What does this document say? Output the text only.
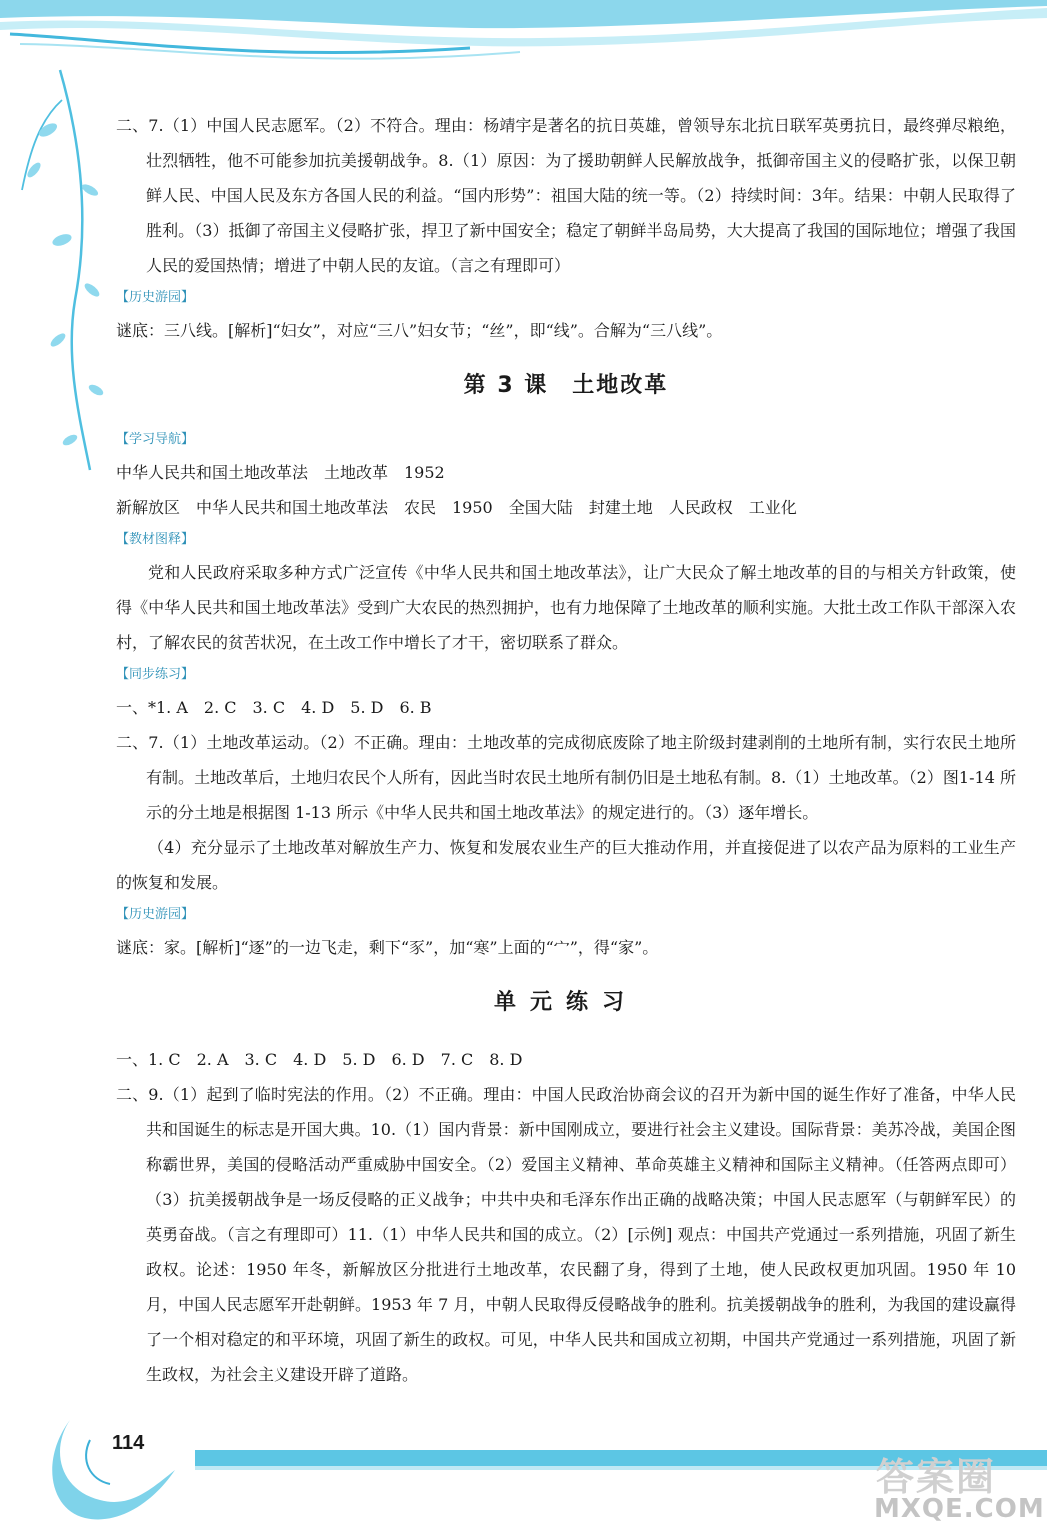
114
答案圈
MXQE.COM

二、7.（1）中国人民志愿军。（2）不符合。理由：杨靖宇是著名的抗日英雄，曾领导东北抗日联军英勇抗日，最终弹尽粮绝，壮烈牺牲，他不可能参加抗美援朝战争。8.（1）原因：为了援助朝鲜人民解放战争，抵御帝国主义的侵略扩张，以保卫朝鲜人民、中国人民及东方各国人民的利益。“国内形势”：祖国大陆的统一等。（2）持续时间：3年。结果：中朝人民取得了胜利。（3）抵御了帝国主义侵略扩张，捍卫了新中国安全；稳定了朝鲜半岛局势，大大提高了我国的国际地位；增强了我国人民的爱国热情；增进了中朝人民的友谊。（言之有理即可）

【历史游园】

谜底：三八线。[解析]“妇女”，对应“三八”妇女节；“丝”，即“线”。合解为“三八线”。

第 3 课　土地改革

【学习导航】

中华人民共和国土地改革法　土地改革　1952

新解放区　中华人民共和国土地改革法　农民　1950　全国大陆　封建土地　人民政权　工业化

【教材图释】

党和人民政府采取多种方式广泛宣传《中华人民共和国土地改革法》，让广大民众了解土地改革的目的与相关方针政策，使得《中华人民共和国土地改革法》受到广大农民的热烈拥护，也有力地保障了土地改革的顺利实施。大批土改工作队干部深入农村，了解农民的贫苦状况，在土改工作中增长了才干，密切联系了群众。

【同步练习】

一、*1. A　2. C　3. C　4. D　5. D　6. B

二、7.（1）土地改革运动。（2）不正确。理由：土地改革的完成彻底废除了地主阶级封建剥削的土地所有制，实行农民土地所有制。土地改革后，土地归农民个人所有，因此当时农民土地所有制仍旧是土地私有制。8.（1）土地改革。（2）图1-14 所示的分土地是根据图 1-13 所示《中华人民共和国土地改革法》的规定进行的。（3）逐年增长。

（4）充分显示了土地改革对解放生产力、恢复和发展农业生产的巨大推动作用，并直接促进了以农产品为原料的工业生产的恢复和发展。

【历史游园】

谜底：家。[解析]“逐”的一边飞走，剩下“豕”，加“寒”上面的“宀”，得“家”。

单元练习

一、1. C　2. A　3. C　4. D　5. D　6. D　7. C　8. D

二、9.（1）起到了临时宪法的作用。（2）不正确。理由：中国人民政治协商会议的召开为新中国的诞生作好了准备，中华人民共和国诞生的标志是开国大典。10.（1）国内背景：新中国刚成立，要进行社会主义建设。国际背景：美苏冷战，美国企图称霸世界，美国的侵略活动严重威胁中国安全。（2）爱国主义精神、革命英雄主义精神和国际主义精神。（任答两点即可）（3）抗美援朝战争是一场反侵略的正义战争；中共中央和毛泽东作出正确的战略决策；中国人民志愿军（与朝鲜军民）的英勇奋战。（言之有理即可）11.（1）中华人民共和国的成立。（2）[示例] 观点：中国共产党通过一系列措施，巩固了新生政权。论述：1950 年冬，新解放区分批进行土地改革，农民翻了身，得到了土地，使人民政权更加巩固。1950 年 10 月，中国人民志愿军开赴朝鲜。1953 年 7 月，中朝人民取得反侵略战争的胜利。抗美援朝战争的胜利，为我国的建设赢得了一个相对稳定的和平环境，巩固了新生的政权。可见，中华人民共和国成立初期，中国共产党通过一系列措施，巩固了新生政权，为社会主义建设开辟了道路。
